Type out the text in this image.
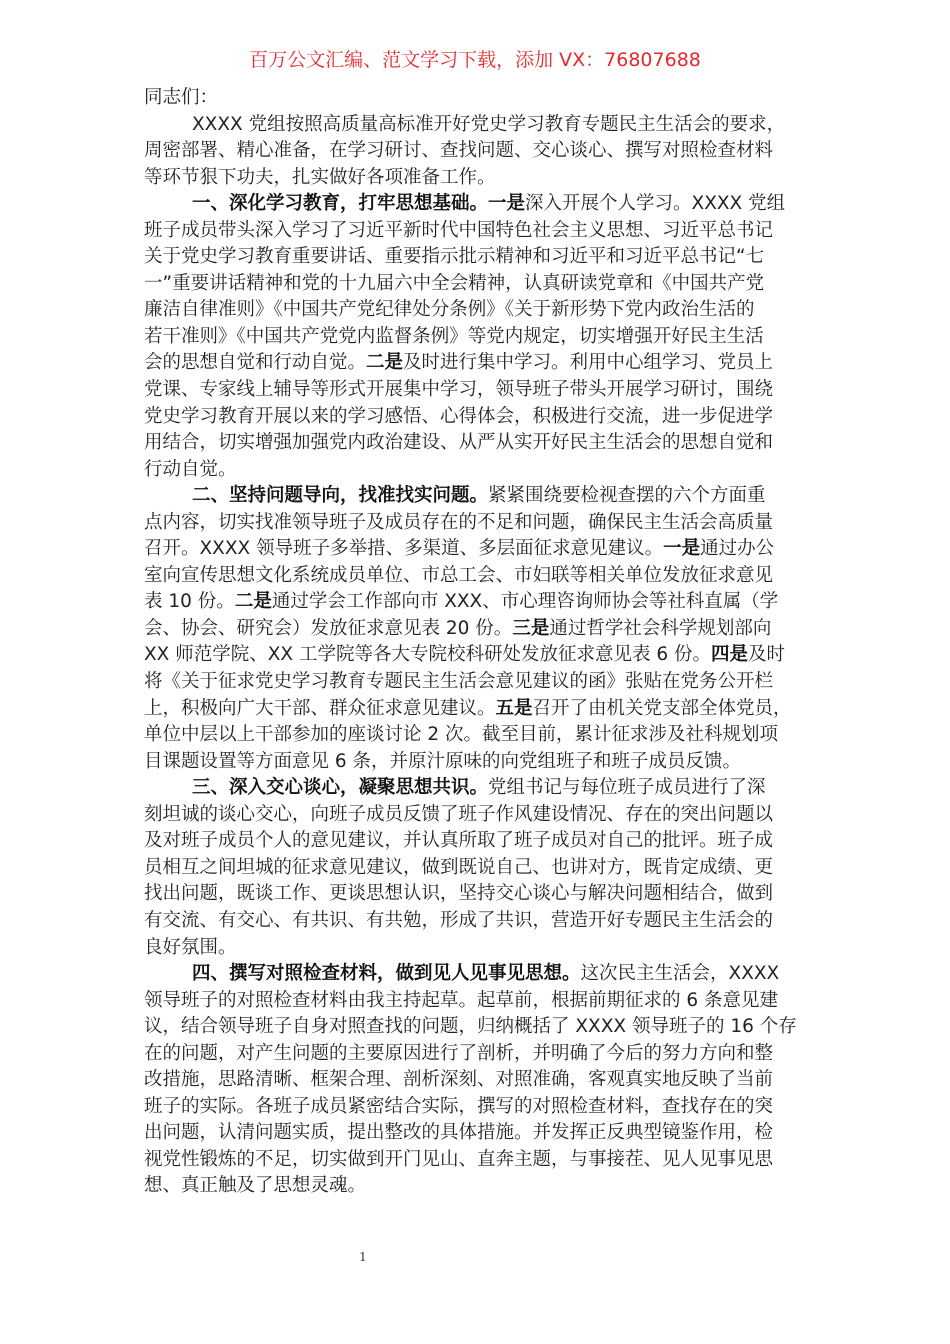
百万公文汇编、范文学习下载，添加 VX：76807688
同志们：
XXXX 党组按照高质量高标准开好党史学习教育专题民主生活会的要求，
周密部署、精心准备，在学习研讨、查找问题、交心谈心、撰写对照检查材料
等环节狠下功夫，扎实做好各项准备工作。
一、深化学习教育，打牢思想基础。一是深入开展个人学习。XXXX 党组
班子成员带头深入学习了习近平新时代中国特色社会主义思想、习近平总书记
关于党史学习教育重要讲话、重要指示批示精神和习近平和习近平总书记“七
一”重要讲话精神和党的十九届六中全会精神，认真研读党章和《中国共产党
廉洁自律准则》《中国共产党纪律处分条例》《关于新形势下党内政治生活的
若干准则》《中国共产党党内监督条例》等党内规定，切实增强开好民主生活
会的思想自觉和行动自觉。二是及时进行集中学习。利用中心组学习、党员上
党课、专家线上辅导等形式开展集中学习，领导班子带头开展学习研讨，围绕
党史学习教育开展以来的学习感悟、心得体会，积极进行交流，进一步促进学
用结合，切实增强加强党内政治建设、从严从实开好民主生活会的思想自觉和
行动自觉。
二、坚持问题导向，找准找实问题。紧紧围绕要检视查摆的六个方面重
点内容，切实找准领导班子及成员存在的不足和问题，确保民主生活会高质量
召开。XXXX 领导班子多举措、多渠道、多层面征求意见建议。一是通过办公
室向宣传思想文化系统成员单位、市总工会、市妇联等相关单位发放征求意见
表 10 份。二是通过学会工作部向市 XXX、市心理咨询师协会等社科直属（学
会、协会、研究会）发放征求意见表 20 份。三是通过哲学社会科学规划部向
XX 师范学院、XX 工学院等各大专院校科研处发放征求意见表 6 份。四是及时
将《关于征求党史学习教育专题民主生活会意见建议的函》张贴在党务公开栏
上，积极向广大干部、群众征求意见建议。五是召开了由机关党支部全体党员，
单位中层以上干部参加的座谈讨论 2 次。截至目前，累计征求涉及社科规划项
目课题设置等方面意见 6 条，并原汁原味的向党组班子和班子成员反馈。
三、深入交心谈心，凝聚思想共识。党组书记与每位班子成员进行了深
刻坦诚的谈心交心，向班子成员反馈了班子作风建设情况、存在的突出问题以
及对班子成员个人的意见建议，并认真所取了班子成员对自己的批评。班子成
员相互之间坦城的征求意见建议，做到既说自己、也讲对方，既肯定成绩、更
找出问题，既谈工作、更谈思想认识，坚持交心谈心与解决问题相结合，做到
有交流、有交心、有共识、有共勉，形成了共识，营造开好专题民主生活会的
良好氛围。
四、撰写对照检查材料，做到见人见事见思想。这次民主生活会，XXXX
领导班子的对照检查材料由我主持起草。起草前，根据前期征求的 6 条意见建
议，结合领导班子自身对照查找的问题，归纳概括了 XXXX 领导班子的 16 个存
在的问题，对产生问题的主要原因进行了剖析，并明确了今后的努力方向和整
改措施，思路清晰、框架合理、剖析深刻、对照准确，客观真实地反映了当前
班子的实际。各班子成员紧密结合实际，撰写的对照检查材料，查找存在的突
出问题，认清问题实质，提出整改的具体措施。并发挥正反典型镜鉴作用，检
视党性锻炼的不足，切实做到开门见山、直奔主题，与事接茬、见人见事见思
想、真正触及了思想灵魂。
1
